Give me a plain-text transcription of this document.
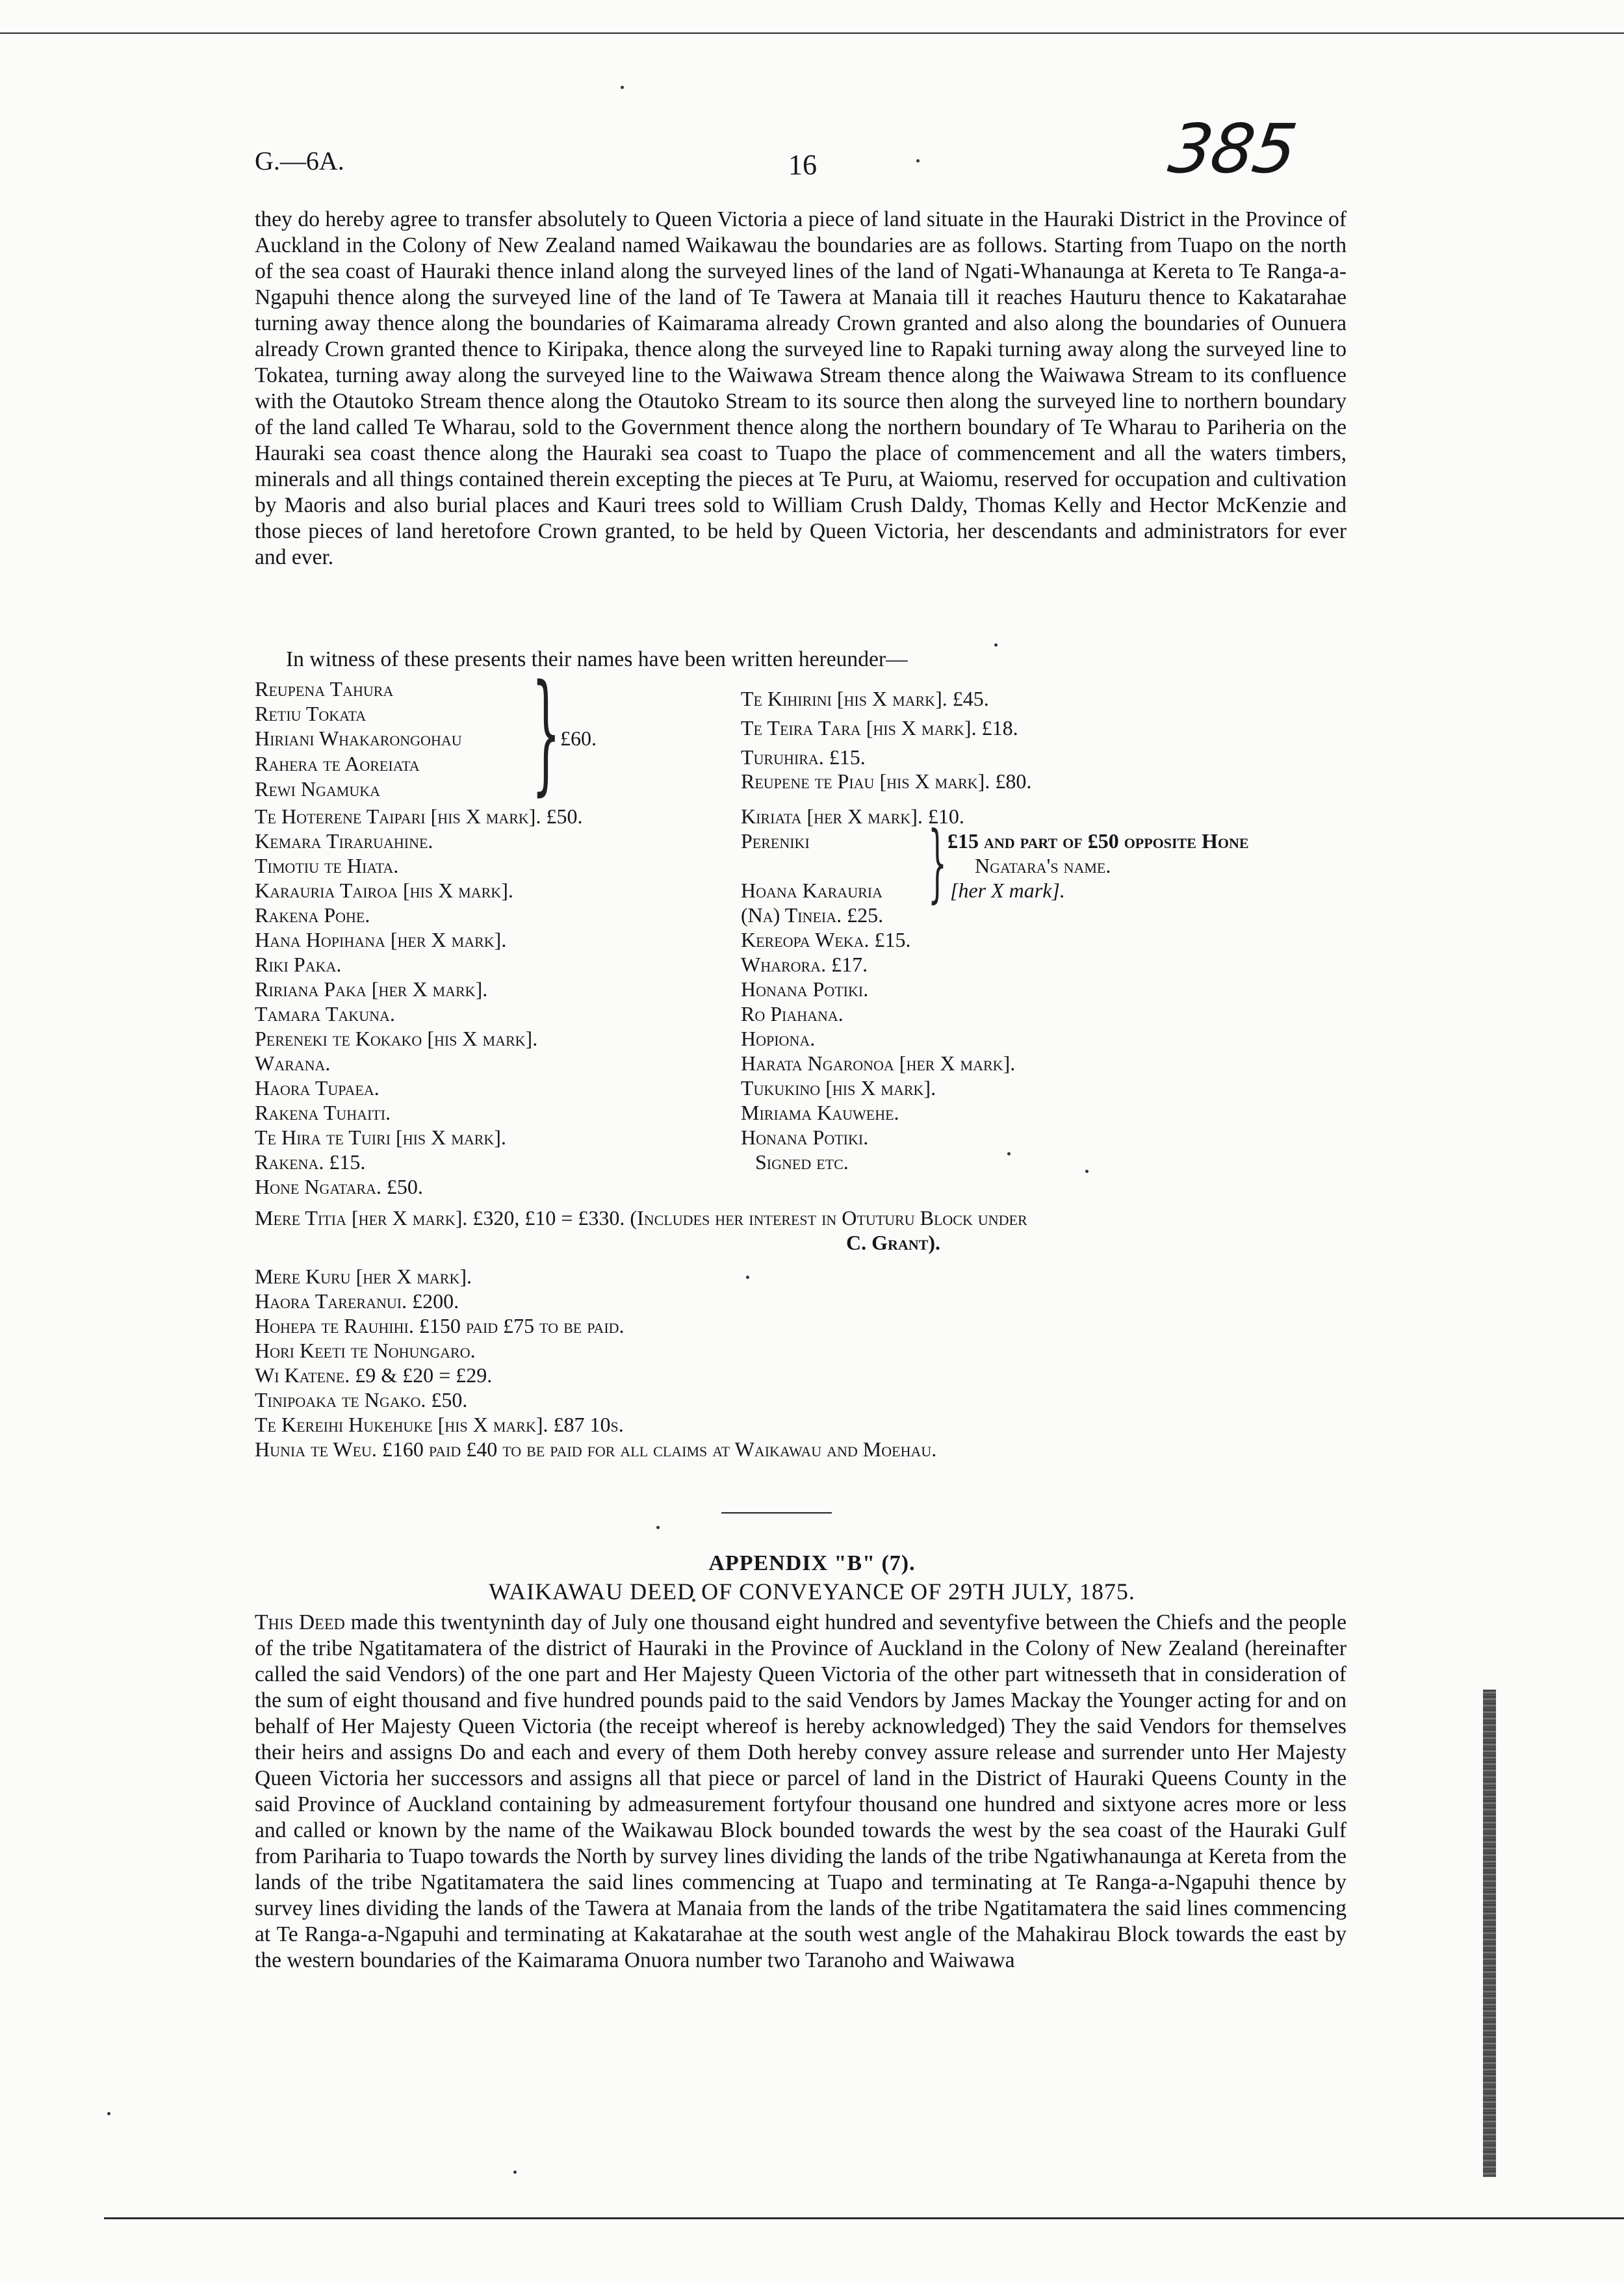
G.—6A.	16	385
they do hereby agree to transfer absolutely to Queen Victoria a piece of land situate in the Hauraki District in the Province of Auckland in the Colony of New Zealand named Waikawau the boundaries are as follows. Starting from Tuapo on the north of the sea coast of Hauraki thence inland along the surveyed lines of the land of Ngati-Whanaunga at Kereta to Te Ranga-a-Ngapuhi thence along the surveyed line of the land of Te Tawera at Manaia till it reaches Hauturu thence to Kakatarahae turning away thence along the boundaries of Kaimarama already Crown granted and also along the boundaries of Ounuera already Crown granted thence to Kiripaka, thence along the surveyed line to Rapaki turning away along the surveyed line to Tokatea, turning away along the surveyed line to the Waiwawa Stream thence along the Waiwawa Stream to its confluence with the Otautoko Stream thence along the Otautoko Stream to its source then along the surveyed line to northern boundary of the land called Te Wharau, sold to the Government thence along the northern boundary of Te Wharau to Pariheria on the Hauraki sea coast thence along the Hauraki sea coast to Tuapo the place of commencement and all the waters timbers, minerals and all things contained therein excepting the pieces at Te Puru, at Waiomu, reserved for occupation and cultivation by Maoris and also burial places and Kauri trees sold to William Crush Daldy, Thomas Kelly and Hector McKenzie and those pieces of land heretofore Crown granted, to be held by Queen Victoria, her descendants and administrators for ever and ever.
In witness of these presents their names have been written hereunder—
Reupena Tahura
Retiu Tokata
Hiriani Whakarongohau
Rahera te Aoreiata
Rewi Ngamuka } £60.
Te Hoterene Taipari [his X mark]. £50.
Kemara Tiraruahine.
Timotiu te Hiata.
Karauria Tairoa [his X mark].
Rakena Pohe.
Hana Hopihana [her X mark].
Riki Paka.
Ririana Paka [her X mark].
Tamara Takuna.
Pereneki te Kokako [his X mark].
Warana.
Haora Tupaea.
Rakena Tuhaiti.
Te Hira te Tuiri [his X mark].
Rakena. £15.
Hone Ngatara. £50.
Mere Titia [her X mark]. £320, £10 = £330. (Includes her interest in Otuturu Block under
C. Grant).
Mere Kuru [her X mark].
Haora Tareranui. £200.
Hohepa te Rauhihi. £150 paid £75 to be paid.
Hori Keeti te Nohungaro.
Wi Katene. £9 & £20 = £29.
Tinipoaka te Ngako. £50.
Te Kereihi Hukehuke [his X mark]. £87 10s.
Hunia te Weu. £160 paid £40 to be paid for all claims at Waikawau and Moehau.
Te Kihirini [his X mark]. £45.
Te Teira Tara [his X mark]. £18.
Turuhira. £15.
Reupene te Piau [his X mark]. £80.
Kiriata [her X mark]. £10.
Pereniki } £15 and part of £50 opposite Hone
Ngatara's name.
Hoana Karauria	[her X mark].
(Na) Tineia. £25.
Kereopa Weka. £15.
Wharora. £17.
Honana Potiki.
Ro Piahana.
Hopiona.
Harata Ngaronoa [her X mark].
Tukukino [his X mark].
Miriama Kauwehe.
Honana Potiki.
Signed etc.
APPENDIX "B" (7).
WAIKAWAU DEED OF CONVEYANCE OF 29TH JULY, 1875.
This Deed made this twentyninth day of July one thousand eight hundred and seventyfive between the Chiefs and the people of the tribe Ngatitamatera of the district of Hauraki in the Province of Auckland in the Colony of New Zealand (hereinafter called the said Vendors) of the one part and Her Majesty Queen Victoria of the other part witnesseth that in consideration of the sum of eight thousand and five hundred pounds paid to the said Vendors by James Mackay the Younger acting for and on behalf of Her Majesty Queen Victoria (the receipt whereof is hereby acknowledged) They the said Vendors for themselves their heirs and assigns Do and each and every of them Doth hereby convey assure release and surrender unto Her Majesty Queen Victoria her successors and assigns all that piece or parcel of land in the District of Hauraki Queens County in the said Province of Auckland containing by admeasurement fortyfour thousand one hundred and sixtyone acres more or less and called or known by the name of the Waikawau Block bounded towards the west by the sea coast of the Hauraki Gulf from Pariharia to Tuapo towards the North by survey lines dividing the lands of the tribe Ngatiwhanaunga at Kereta from the lands of the tribe Ngatitamatera the said lines commencing at Tuapo and terminating at Te Ranga-a-Ngapuhi thence by survey lines dividing the lands of the Tawera at Manaia from the lands of the tribe Ngatitamatera the said lines commencing at Te Ranga-a-Ngapuhi and terminating at Kakatarahae at the south west angle of the Mahakirau Block towards the east by the western boundaries of the Kaimarama Onuora number two Taranoho and Waiwawa
